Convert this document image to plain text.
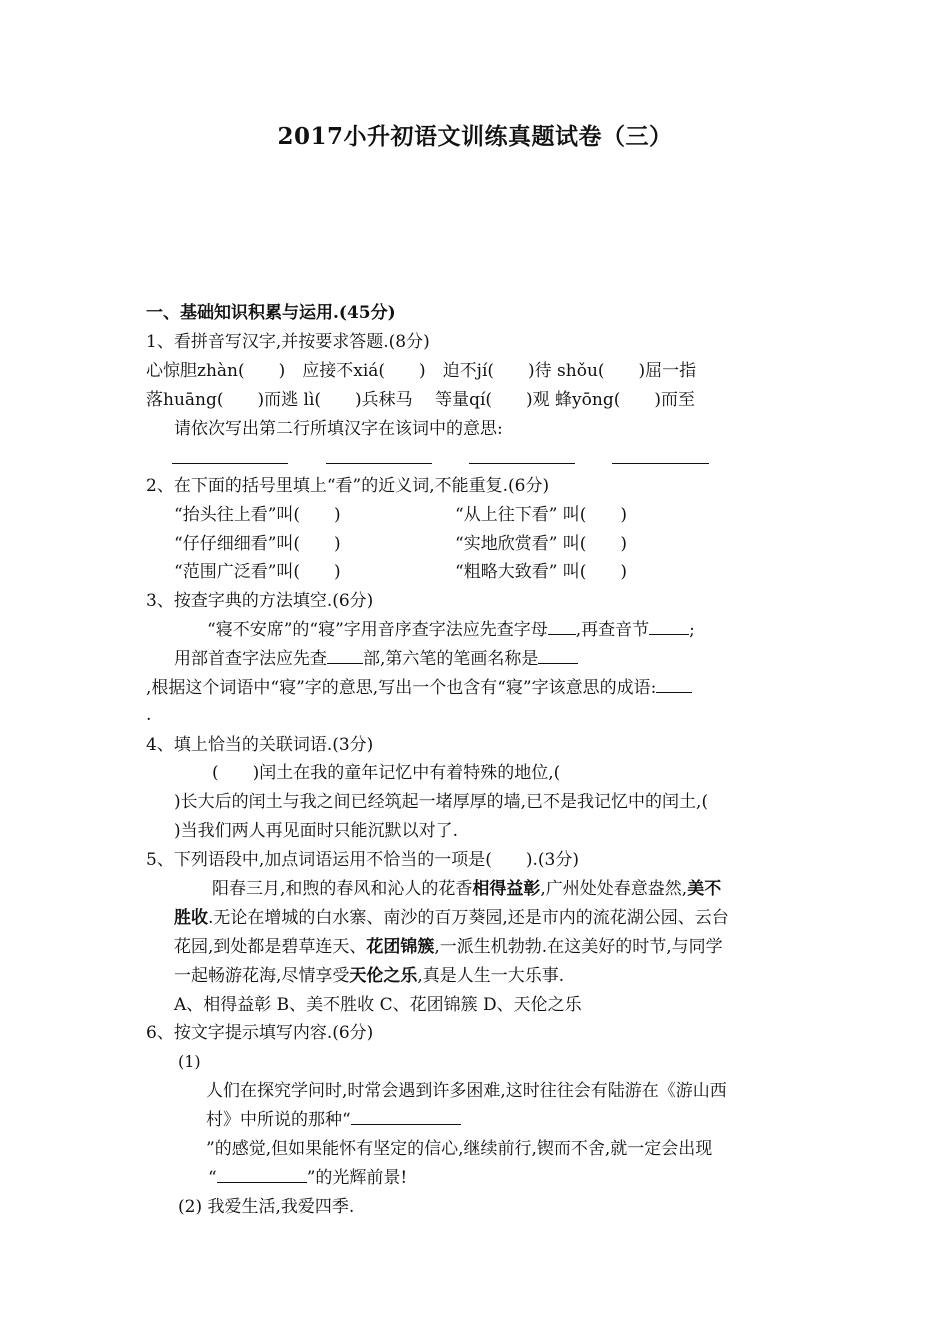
2017小升初语文训练真题试卷（三）
一、基础知识积累与运用.(45分)
1、看拼音写汉字,并按要求答题.(8分)
心惊胆zhàn(　　)　应接不xiá(　　)　迫不jí(　　)待 shǒu(　　)屈一指
落huāng(　　)而逃 lì(　　)兵秣马　 等量qí(　　)观 蜂yōng(　　)而至
请依次写出第二行所填汉字在该词中的意思:
2、在下面的括号里填上“看”的近义词,不能重复.(6分)
“抬头往上看”叫(　　)	“从上往下看” 叫(　　)
“仔仔细细看”叫(　　)	“实地欣赏看” 叫(　　)
“范围广泛看”叫(　　)	“粗略大致看” 叫(　　)
3、按查字典的方法填空.(6分)
“寝不安席”的“寝”字用音序查字法应先查字母 ,再查音节 ;
用部首查字法应先查 部,第六笔的笔画名称是
,根据这个词语中“寝”字的意思,写出一个也含有“寝”字该意思的成语:
.
4、填上恰当的关联词语.(3分)
(　　)闰土在我的童年记忆中有着特殊的地位,(
)长大后的闰土与我之间已经筑起一堵厚厚的墙,已不是我记忆中的闰土,(
)当我们两人再见面时只能沉默以对了.
5、下列语段中,加点词语运用不恰当的一项是(　　).(3分)
阳春三月,和煦的春风和沁人的花香相得益彰,广州处处春意盎然,美不
胜收.无论在增城的白水寨、南沙的百万葵园,还是市内的流花湖公园、云台
花园,到处都是碧草连天、花团锦簇,一派生机勃勃.在这美好的时节,与同学
一起畅游花海,尽情享受天伦之乐,真是人生一大乐事.
A、相得益彰 B、美不胜收 C、花团锦簇 D、天伦之乐
6、按文字提示填写内容.(6分)
(1)
人们在探究学问时,时常会遇到许多困难,这时往往会有陆游在《游山西
村》中所说的那种“
”的感觉,但如果能怀有坚定的信心,继续前行,锲而不舍,就一定会出现
“	”的光辉前景!
(2) 我爱生活,我爱四季.
